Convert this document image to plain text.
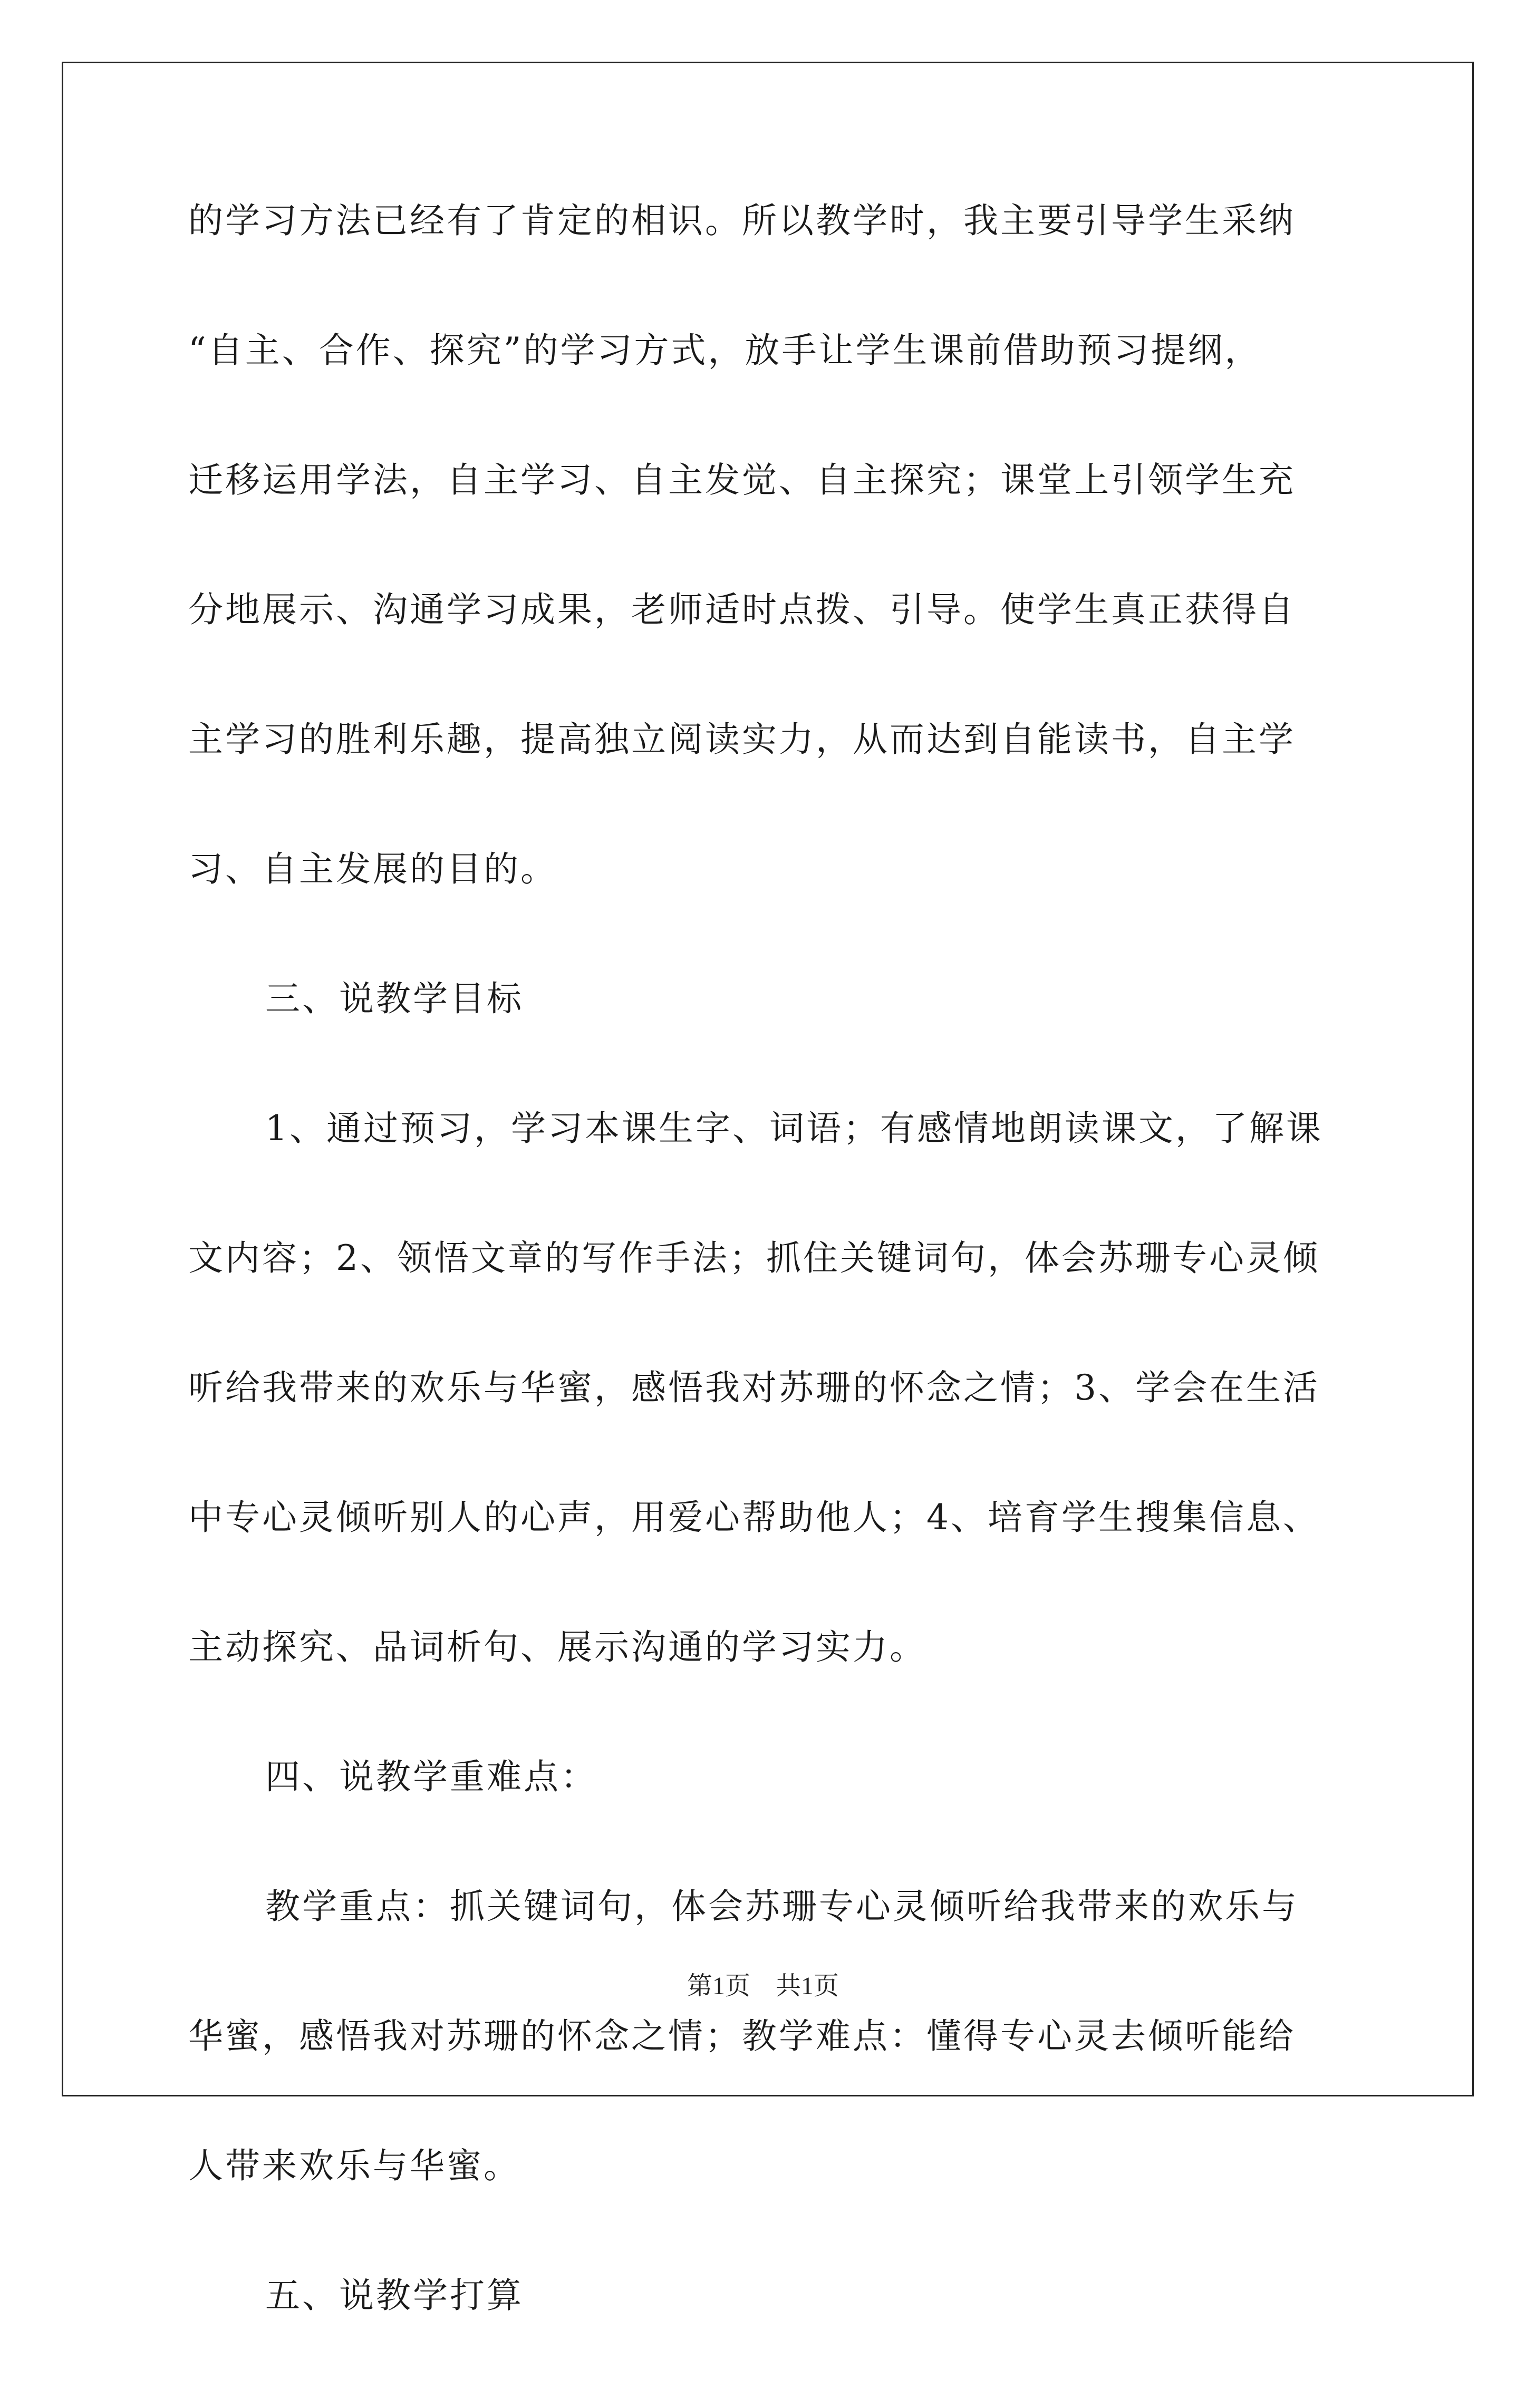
的学习方法已经有了肯定的相识。所以教学时，我主要引导学生采纳
“自主、合作、探究”的学习方式，放手让学生课前借助预习提纲，
迁移运用学法，自主学习、自主发觉、自主探究；课堂上引领学生充
分地展示、沟通学习成果，老师适时点拨、引导。使学生真正获得自
主学习的胜利乐趣，提高独立阅读实力，从而达到自能读书，自主学
习、自主发展的目的。
三、说教学目标
1、通过预习，学习本课生字、词语；有感情地朗读课文，了解课
文内容；2、领悟文章的写作手法；抓住关键词句，体会苏珊专心灵倾
听给我带来的欢乐与华蜜，感悟我对苏珊的怀念之情；3、学会在生活
中专心灵倾听别人的心声，用爱心帮助他人；4、培育学生搜集信息、
主动探究、品词析句、展示沟通的学习实力。
四、说教学重难点：
教学重点：抓关键词句，体会苏珊专心灵倾听给我带来的欢乐与
华蜜，感悟我对苏珊的怀念之情；教学难点：懂得专心灵去倾听能给
人带来欢乐与华蜜。
五、说教学打算
第1页 共1页
